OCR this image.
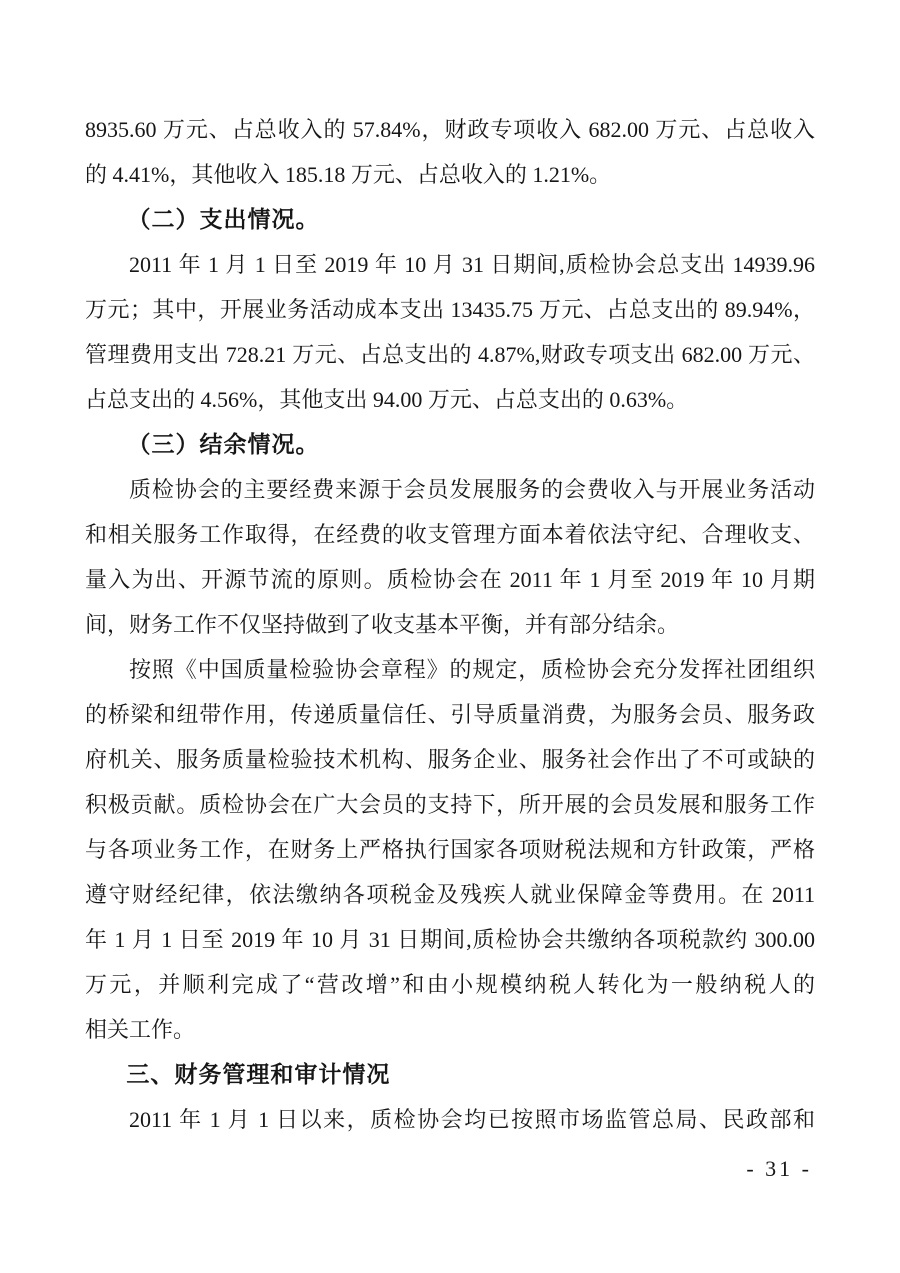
8935.60 万元、占总收入的 57.84%，财政专项收入 682.00 万元、占总收入
的 4.41%，其他收入 185.18 万元、占总收入的 1.21%。
（二）支出情况。
2011 年 1 月 1 日至 2019 年 10 月 31 日期间,质检协会总支出 14939.96
万元；其中，开展业务活动成本支出 13435.75 万元、占总支出的 89.94%，
管理费用支出 728.21 万元、占总支出的 4.87%,财政专项支出 682.00 万元、
占总支出的 4.56%，其他支出 94.00 万元、占总支出的 0.63%。
（三）结余情况。
质检协会的主要经费来源于会员发展服务的会费收入与开展业务活动
和相关服务工作取得，在经费的收支管理方面本着依法守纪、合理收支、
量入为出、开源节流的原则。质检协会在 2011 年 1 月至 2019 年 10 月期
间，财务工作不仅坚持做到了收支基本平衡，并有部分结余。
按照《中国质量检验协会章程》的规定，质检协会充分发挥社团组织
的桥梁和纽带作用，传递质量信任、引导质量消费，为服务会员、服务政
府机关、服务质量检验技术机构、服务企业、服务社会作出了不可或缺的
积极贡献。质检协会在广大会员的支持下，所开展的会员发展和服务工作
与各项业务工作，在财务上严格执行国家各项财税法规和方针政策，严格
遵守财经纪律，依法缴纳各项税金及残疾人就业保障金等费用。在 2011
年 1 月 1 日至 2019 年 10 月 31 日期间,质检协会共缴纳各项税款约 300.00
万元，并顺利完成了“营改增”和由小规模纳税人转化为一般纳税人的
相关工作。
三、财务管理和审计情况
2011 年 1 月 1 日以来，质检协会均已按照市场监管总局、民政部和
- 31 -
